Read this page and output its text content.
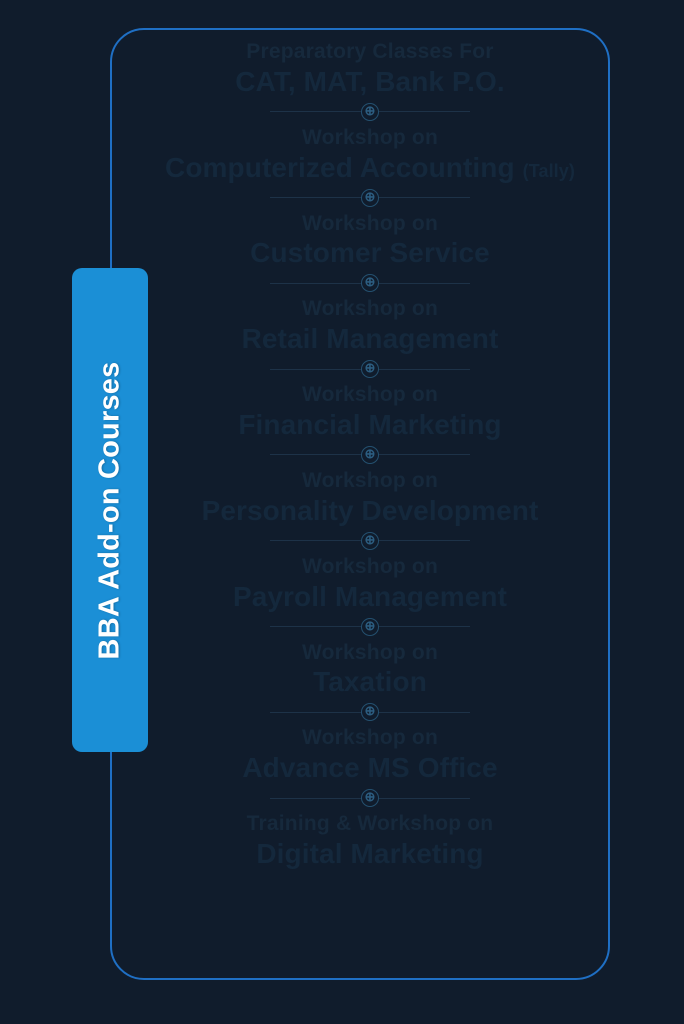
BBA Add-on Courses
Preparatory Classes For
CAT, MAT, Bank P.O.
⊕
Workshop on
Computerized Accounting (Tally)
⊕
Workshop on
Customer Service
⊕
Workshop on
Retail Management
⊕
Workshop on
Financial Marketing
⊕
Workshop on
Personality Development
⊕
Workshop on
Payroll Management
⊕
Workshop on
Taxation
⊕
Workshop on
Advance MS Office
⊕
Training & Workshop on
Digital Marketing
